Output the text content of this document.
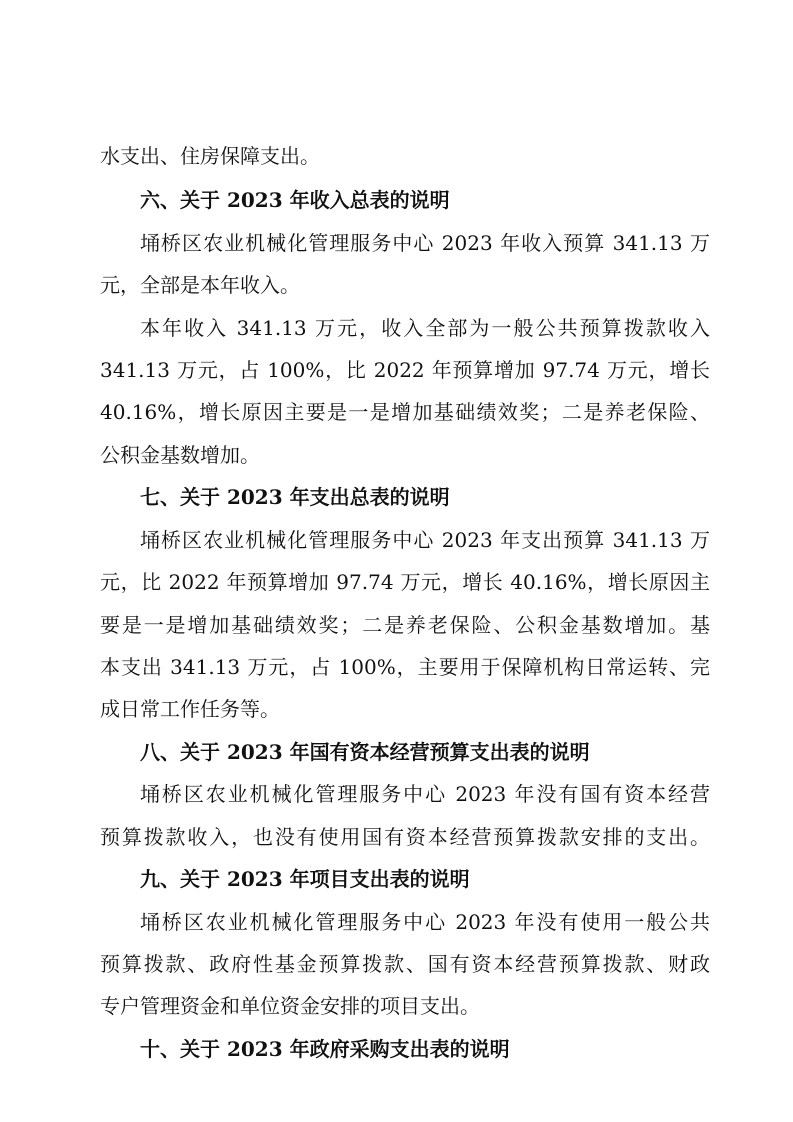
水支出、住房保障支出。
六、关于 2023 年收入总表的说明
埇桥区农业机械化管理服务中心 2023 年收入预算 341.13 万
元，全部是本年收入。
本年收入 341.13 万元，收入全部为一般公共预算拨款收入
341.13 万元，占 100%，比 2022 年预算增加 97.74 万元，增长
40.16%，增长原因主要是一是增加基础绩效奖；二是养老保险、
公积金基数增加。
七、关于 2023 年支出总表的说明
埇桥区农业机械化管理服务中心 2023 年支出预算 341.13 万
元，比 2022 年预算增加 97.74 万元，增长 40.16%，增长原因主
要是一是增加基础绩效奖；二是养老保险、公积金基数增加。基
本支出 341.13 万元，占 100%，主要用于保障机构日常运转、完
成日常工作任务等。
八、关于 2023 年国有资本经营预算支出表的说明
埇桥区农业机械化管理服务中心 2023 年没有国有资本经营
预算拨款收入，也没有使用国有资本经营预算拨款安排的支出。
九、关于 2023 年项目支出表的说明
埇桥区农业机械化管理服务中心 2023 年没有使用一般公共
预算拨款、政府性基金预算拨款、国有资本经营预算拨款、财政
专户管理资金和单位资金安排的项目支出。
十、关于 2023 年政府采购支出表的说明
